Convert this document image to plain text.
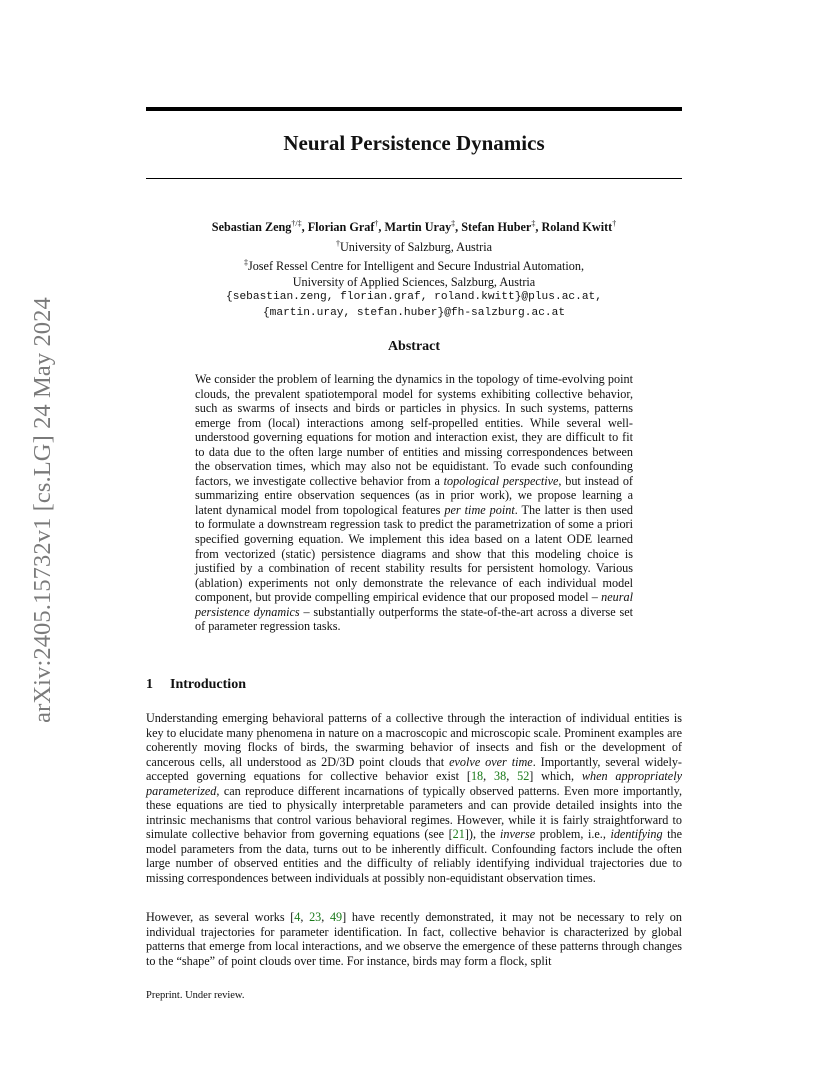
arXiv:2405.15732v1 [cs.LG] 24 May 2024
Neural Persistence Dynamics
Sebastian Zeng†/‡, Florian Graf†, Martin Uray‡, Stefan Huber‡, Roland Kwitt†
†University of Salzburg, Austria
‡Josef Ressel Centre for Intelligent and Secure Industrial Automation,
University of Applied Sciences, Salzburg, Austria
{sebastian.zeng, florian.graf, roland.kwitt}@plus.ac.at,
{martin.uray, stefan.huber}@fh-salzburg.ac.at
Abstract
We consider the problem of learning the dynamics in the topology of time-evolving point clouds, the prevalent spatiotemporal model for systems exhibiting collective behavior, such as swarms of insects and birds or particles in physics. In such systems, patterns emerge from (local) interactions among self-propelled entities. While several well-understood governing equations for motion and interaction exist, they are difficult to fit to data due to the often large number of entities and missing correspondences between the observation times, which may also not be equidistant. To evade such confounding factors, we investigate collective behavior from a topological perspective, but instead of summarizing entire observation sequences (as in prior work), we propose learning a latent dynamical model from topological features per time point. The latter is then used to formulate a downstream regression task to predict the parametrization of some a priori specified governing equation. We implement this idea based on a latent ODE learned from vectorized (static) persistence diagrams and show that this modeling choice is justified by a combination of recent stability results for persistent homology. Various (ablation) experiments not only demonstrate the relevance of each individual model component, but provide compelling empirical evidence that our proposed model – neural persistence dynamics – substantially outperforms the state-of-the-art across a diverse set of parameter regression tasks.
1 Introduction
Understanding emerging behavioral patterns of a collective through the interaction of individual entities is key to elucidate many phenomena in nature on a macroscopic and microscopic scale. Prominent examples are coherently moving flocks of birds, the swarming behavior of insects and fish or the development of cancerous cells, all understood as 2D/3D point clouds that evolve over time. Importantly, several widely-accepted governing equations for collective behavior exist [18, 38, 52] which, when appropriately parameterized, can reproduce different incarnations of typically observed patterns. Even more importantly, these equations are tied to physically interpretable parameters and can provide detailed insights into the intrinsic mechanisms that control various behavioral regimes. However, while it is fairly straightforward to simulate collective behavior from governing equations (see [21]), the inverse problem, i.e., identifying the model parameters from the data, turns out to be inherently difficult. Confounding factors include the often large number of observed entities and the difficulty of reliably identifying individual trajectories due to missing correspondences between individuals at possibly non-equidistant observation times.
However, as several works [4, 23, 49] have recently demonstrated, it may not be necessary to rely on individual trajectories for parameter identification. In fact, collective behavior is characterized by global patterns that emerge from local interactions, and we observe the emergence of these patterns through changes to the “shape” of point clouds over time. For instance, birds may form a flock, split
Preprint. Under review.
